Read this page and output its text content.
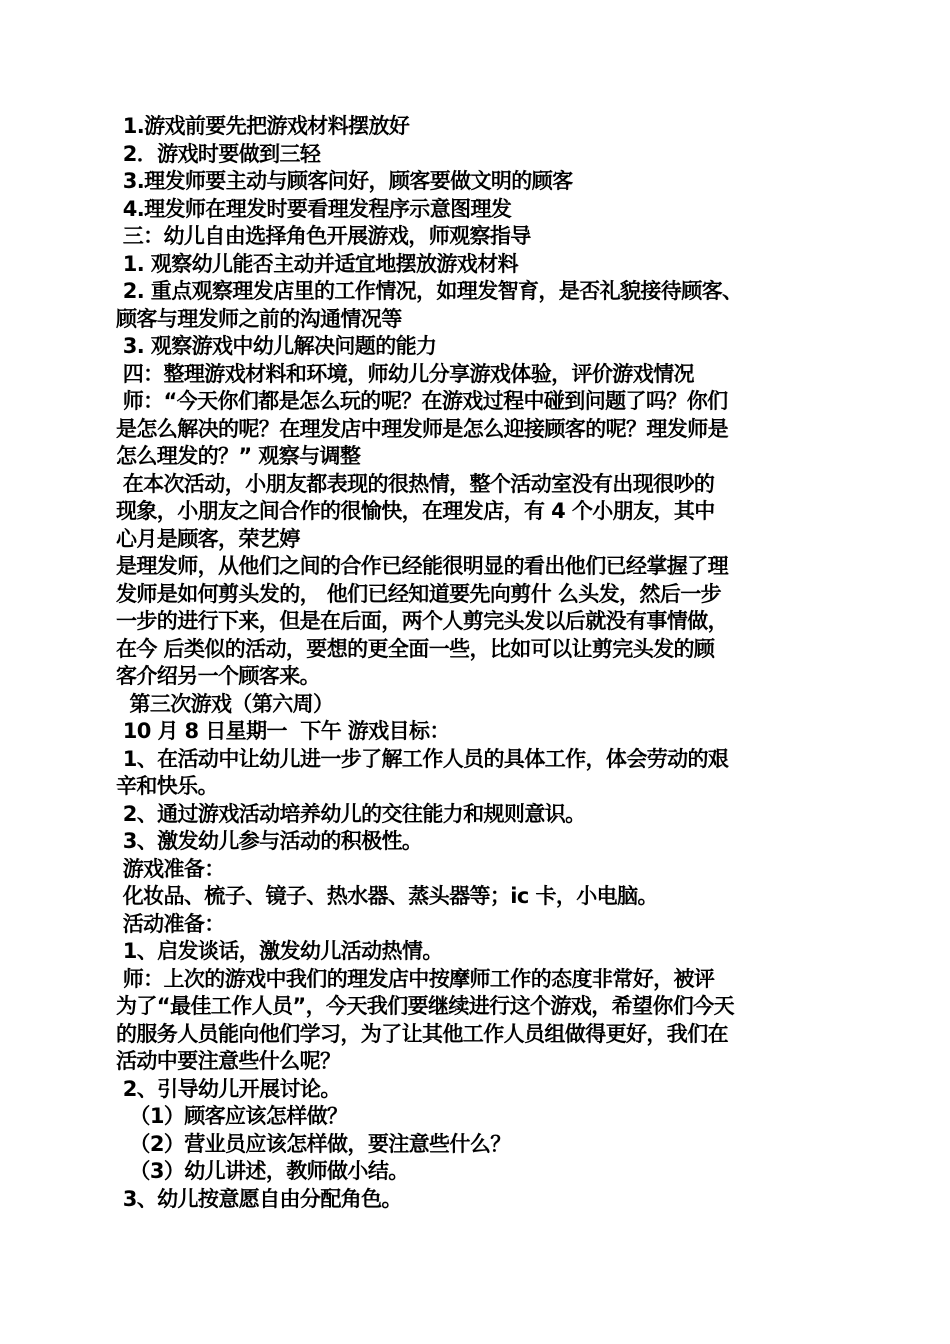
1.游戏前要先把游戏材料摆放好
2．游戏时要做到三轻
3.理发师要主动与顾客问好，顾客要做文明的顾客
4.理发师在理发时要看理发程序示意图理发
三：幼儿自由选择角色开展游戏，师观察指导
1. 观察幼儿能否主动并适宜地摆放游戏材料
2. 重点观察理发店里的工作情况，如理发智育，是否礼貌接待顾客、
顾客与理发师之前的沟通情况等
3. 观察游戏中幼儿解决问题的能力
四：整理游戏材料和环境，师幼儿分享游戏体验，评价游戏情况
师：“今天你们都是怎么玩的呢？在游戏过程中碰到问题了吗？你们
是怎么解决的呢？在理发店中理发师是怎么迎接顾客的呢？理发师是
怎么理发的？” 观察与调整
在本次活动，小朋友都表现的很热情，整个活动室没有出现很吵的
现象，小朋友之间合作的很愉快，在理发店，有 4 个小朋友，其中
心月是顾客，荣艺婷
是理发师，从他们之间的合作已经能很明显的看出他们已经掌握了理
发师是如何剪头发的， 他们已经知道要先向剪什 么头发，然后一步
一步的进行下来，但是在后面，两个人剪完头发以后就没有事情做，
在今 后类似的活动，要想的更全面一些，比如可以让剪完头发的顾
客介绍另一个顾客来。
第三次游戏（第六周）
10 月 8 日星期一  下午 游戏目标：
1、在活动中让幼儿进一步了解工作人员的具体工作，体会劳动的艰
辛和快乐。
2、通过游戏活动培养幼儿的交往能力和规则意识。
3、激发幼儿参与活动的积极性。
游戏准备：
化妆品、梳子、镜子、热水器、蒸头器等；ic 卡，小电脑。
活动准备：
1、启发谈话，激发幼儿活动热情。
师：上次的游戏中我们的理发店中按摩师工作的态度非常好，被评
为了“最佳工作人员”，今天我们要继续进行这个游戏，希望你们今天
的服务人员能向他们学习，为了让其他工作人员组做得更好，我们在
活动中要注意些什么呢？
2、引导幼儿开展讨论。
（1）顾客应该怎样做？
（2）营业员应该怎样做，要注意些什么？
（3）幼儿讲述，教师做小结。
3、幼儿按意愿自由分配角色。
